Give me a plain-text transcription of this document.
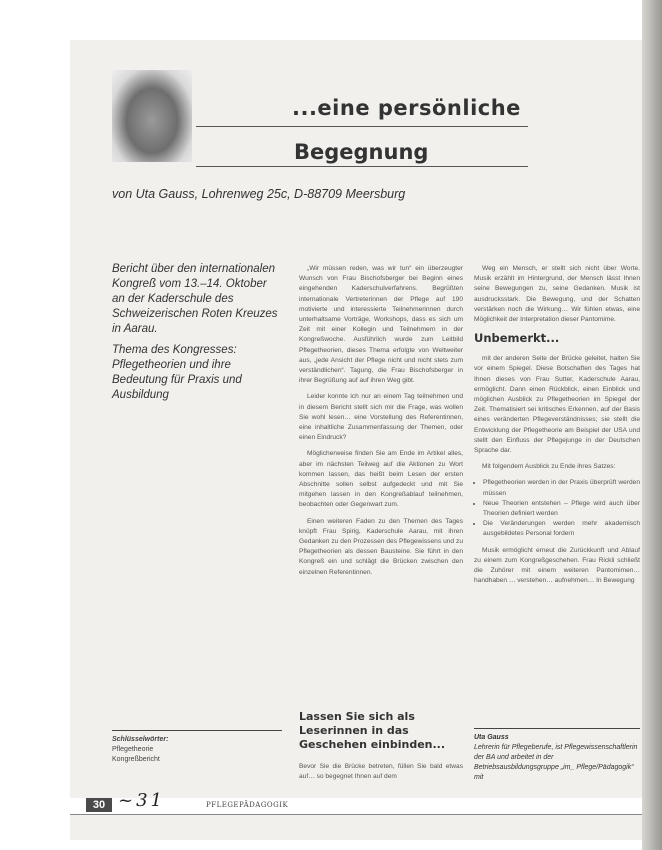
...eine persönliche
Begegnung
von Uta Gauss, Lohrenweg 25c, D-88709 Meersburg

Bericht über den internationalen Kongreß vom 13.–14. Oktober an der Kaderschule des Schweizerischen Roten Kreuzes in Aarau.

Thema des Kongresses: Pflegetheorien und ihre Bedeutung für Praxis und Ausbildung

„Wir müssen reden, was wir tun“ ein überzeugter Wunsch von Frau Bischofsberger bei Beginn eines eingehenden Kaderschulverfahrens. Begrüßten internationale Vertreterinnen der Pflege auf 190 motivierte und interessierte Teilnehmerinnen durch unterhaltsame Vorträge, Workshops, dass es sich um Zeit mit einer Kollegin und Teilnehmern in der Kongreßwoche. Ausführlich wurde zum Leitbild Pflegetheorien, dieses Thema erfolgte von Weltweiter aus, „jede Ansicht der Pflege nicht und nicht stets zum verständlichen“. Tagung, die Frau Bischofsberger in ihrer Begrüßung auf auf ihren Weg gibt.

Leider konnte ich nur an einem Tag teilnehmen und in diesem Bericht stellt sich mir die Frage, was wollen Sie wohl lesen… eine Vorstellung des Referentinnen, eine inhaltliche Zusammenfassung der Themen, oder einen Eindruck?

Möglicherweise finden Sie am Ende im Artikel alles, aber im nächsten Teilweg auf die Aktionen zu Wort kommen lassen, das heißt beim Lesen der ersten Abschnitte sollen selbst aufgedeckt und mit Sie mitgehen lassen in den Kongreßablauf teilnehmen, beobachten oder Gegenwart zum.

Einen weiteren Faden zu den Themen des Tages knüpft Frau Spirig, Kaderschule Aarau, mit ihren Gedanken zu den Prozessen des Pflegewissens und zu Pflegetheorien als dessen Bausteine. Sie führt in den Kongreß ein und schlägt die Brücken zwischen den einzelnen Referentinnen.

Lassen Sie sich als Leserinnen in das Geschehen einbinden...

Bevor Sie die Brücke betreten, füllen Sie bald etwas auf… so begegnet Ihnen auf dem

Weg ein Mensch, er stellt sich nicht über Worte. Musik erzählt im Hintergrund, der Mensch lässt Ihnen seine Bewegungen zu, seine Gedanken. Musik ist ausdrucksstark. Die Bewegung, und der Schatten verstärken noch die Wirkung… Wir fühlen etwas, eine Möglichkeit der Interpretation dieser Pantomime.

Unbemerkt...

mit der anderen Seite der Brücke geleitet, halten Sie vor einem Spiegel. Diese Botschaften des Tages hat Ihnen dieses von Frau Sutter, Kaderschule Aarau, ermöglicht. Dann einen Rückblick, einen Einblick und möglichen Ausblick zu Pflegetheorien im Spiegel der Zeit. Thematisiert sei kritisches Erkennen, auf der Basis eines veränderten Pflegeverständnisses; sie stellt die Entwicklung der Pflegetheorie am Beispiel der USA und stellt den Einfluss der Pflegejunge in der Deutschen Sprache dar.

Mit folgendem Ausblick zu Ende ihres Satzes:

• Pflegetheorien werden in der Praxis überprüft werden müssen
• Neue Theorien entstehen – Pflege wird auch über Theorien definiert werden
• Die Veränderungen werden mehr akademisch ausgebildetes Personal fordern

Musik ermöglicht erneut die Zurückkunft und Ablauf zu einem zum Kongreßgeschehen. Frau Rickli schließt die Zuhörer mit einem weiteren Pantomimen… handhaben … verstehen… aufnehmen… In Bewegung

Schlüsselwörter:
Pflegetheorie
Kongreßbericht
Uta Gauss
Lehrerin für Pflegeberufe, ist Pflegewissenschaftlerin der BA und arbeitet in der Betriebsausbildungsgruppe „im_ Pflege/Pädagogik“ mit
30 ~31	PFLEGEPÄDAGOGIK
